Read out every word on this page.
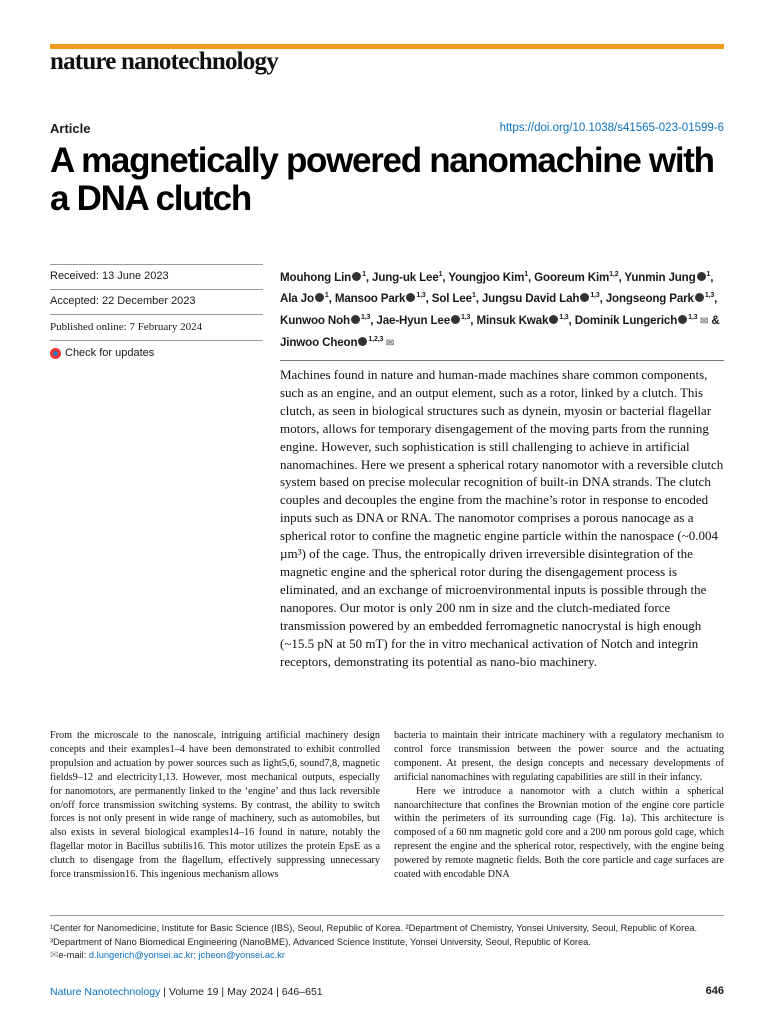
nature nanotechnology
Article	https://doi.org/10.1038/s41565-023-01599-6
A magnetically powered nanomachine with a DNA clutch
Received: 13 June 2023
Accepted: 22 December 2023
Published online: 7 February 2024
Check for updates
Mouhong Lin $^1$, Jung-uk Lee$^1$, Youngjoo Kim$^1$, Gooreum Kim$^{1,2}$, Yunmin Jung $^1$, Ala Jo $^1$, Mansoo Park $^{1,3}$, Sol Lee$^1$, Jungsu David Lah $^{1,3}$, Jongseong Park $^{1,3}$, Kunwoo Noh $^{1,3}$, Jae-Hyun Lee $^{1,3}$, Minsuk Kwak $^{1,3}$, Dominik Lungerich $^{1,3}$ ✉ & Jinwoo Cheon $^{1,2,3}$ ✉
Machines found in nature and human-made machines share common components, such as an engine, and an output element, such as a rotor, linked by a clutch. This clutch, as seen in biological structures such as dynein, myosin or bacterial flagellar motors, allows for temporary disengagement of the moving parts from the running engine. However, such sophistication is still challenging to achieve in artificial nanomachines. Here we present a spherical rotary nanomotor with a reversible clutch system based on precise molecular recognition of built-in DNA strands. The clutch couples and decouples the engine from the machine’s rotor in response to encoded inputs such as DNA or RNA. The nanomotor comprises a porous nanocage as a spherical rotor to confine the magnetic engine particle within the nanospace (~0.004 µm³) of the cage. Thus, the entropically driven irreversible disintegration of the magnetic engine and the spherical rotor during the disengagement process is eliminated, and an exchange of microenvironmental inputs is possible through the nanopores. Our motor is only 200 nm in size and the clutch-mediated force transmission powered by an embedded ferromagnetic nanocrystal is high enough (~15.5 pN at 50 mT) for the in vitro mechanical activation of Notch and integrin receptors, demonstrating its potential as nano-bio machinery.

From the microscale to the nanoscale, intriguing artificial machinery design concepts and their examples1–4 have been demonstrated to exhibit controlled propulsion and actuation by power sources such as light5,6, sound7,8, magnetic fields9–12 and electricity1,13. However, most mechanical outputs, especially for nanomotors, are permanently linked to the ‘engine’ and thus lack reversible on/off force transmission switching systems. By contrast, the ability to switch forces is not only present in wide range of machinery, such as automobiles, but also exists in several biological examples14–16 found in nature, notably the flagellar motor in Bacillus subtilis16. This motor utilizes the protein EpsE as a clutch to disengage from the flagellum, effectively suppressing unnecessary force transmission16. This ingenious mechanism allows

bacteria to maintain their intricate machinery with a regulatory mechanism to control force transmission between the power source and the actuating component. At present, the design concepts and necessary developments of artificial nanomachines with regulating capabilities are still in their infancy.

Here we introduce a nanomotor with a clutch within a spherical nanoarchitecture that confines the Brownian motion of the engine core particle within the perimeters of its surrounding cage (Fig. 1a). This architecture is composed of a 60 nm magnetic gold core and a 200 nm porous gold cage, which represent the engine and the spherical rotor, respectively, with the engine being powered by remote magnetic fields. Both the core particle and cage surfaces are coated with encodable DNA

¹Center for Nanomedicine, Institute for Basic Science (IBS), Seoul, Republic of Korea. ²Department of Chemistry, Yonsei University, Seoul, Republic of Korea. ³Department of Nano Biomedical Engineering (NanoBME), Advanced Science Institute, Yonsei University, Seoul, Republic of Korea.
✉e-mail: d.lungerich@yonsei.ac.kr; jcheon@yonsei.ac.kr
Nature Nanotechnology | Volume 19 | May 2024 | 646–651	646
